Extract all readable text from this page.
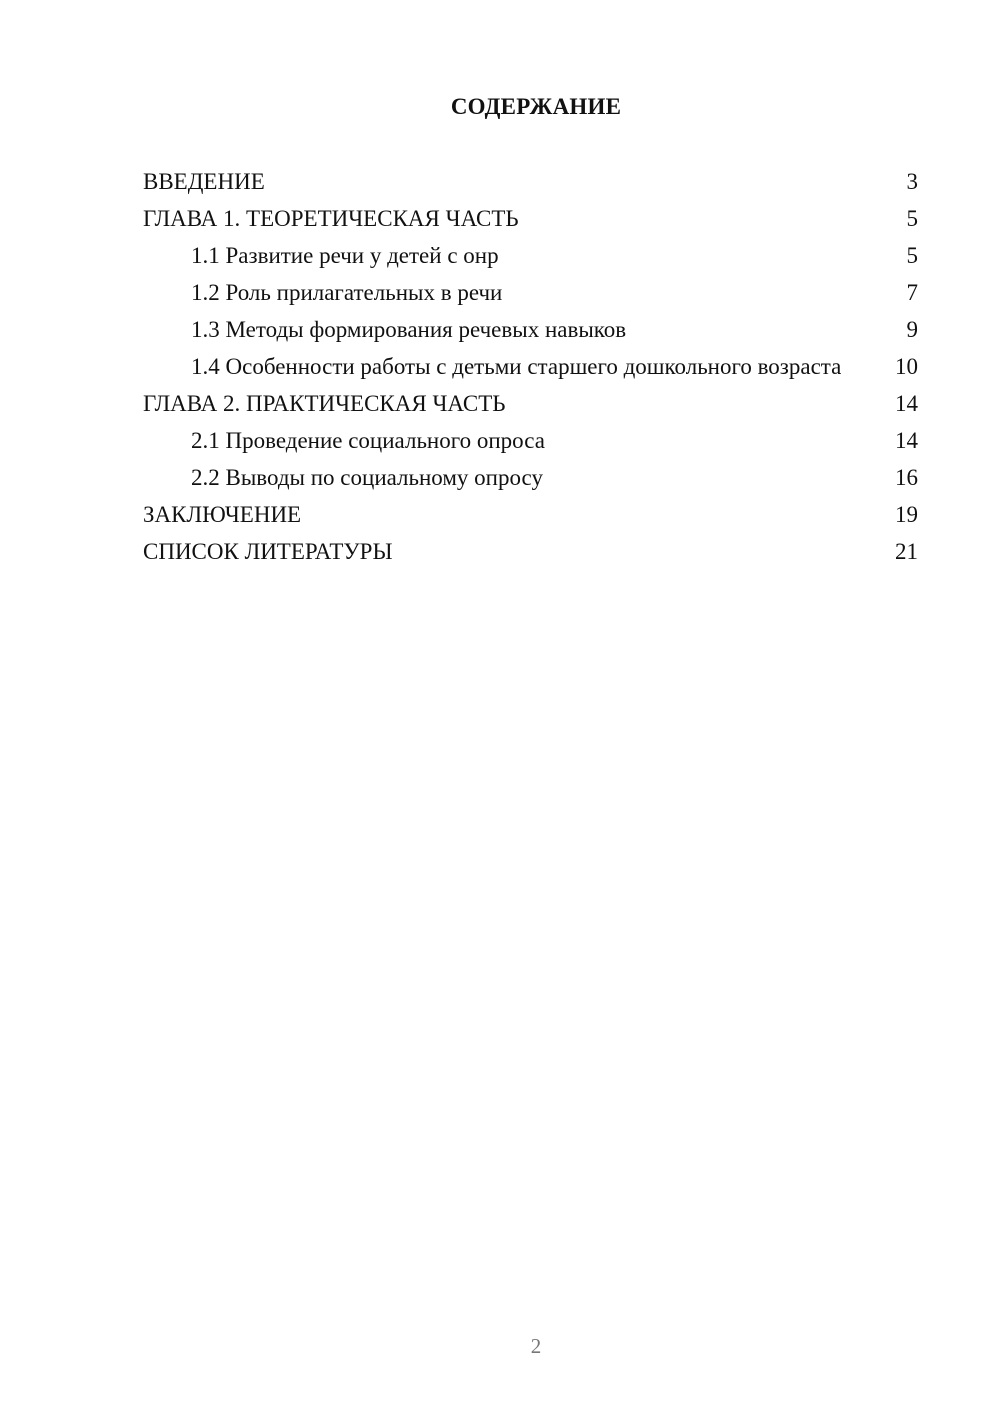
СОДЕРЖАНИЕ
ВВЕДЕНИЕ	3
ГЛАВА 1. ТЕОРЕТИЧЕСКАЯ ЧАСТЬ	5
1.1 Развитие речи у детей с онр	5
1.2 Роль прилагательных в речи	7
1.3 Методы формирования речевых навыков	9
1.4 Особенности работы с детьми старшего дошкольного возраста	10
ГЛАВА 2. ПРАКТИЧЕСКАЯ ЧАСТЬ	14
2.1 Проведение социального опроса	14
2.2 Выводы по социальному опросу	16
ЗАКЛЮЧЕНИЕ	19
СПИСОК ЛИТЕРАТУРЫ	21
2
